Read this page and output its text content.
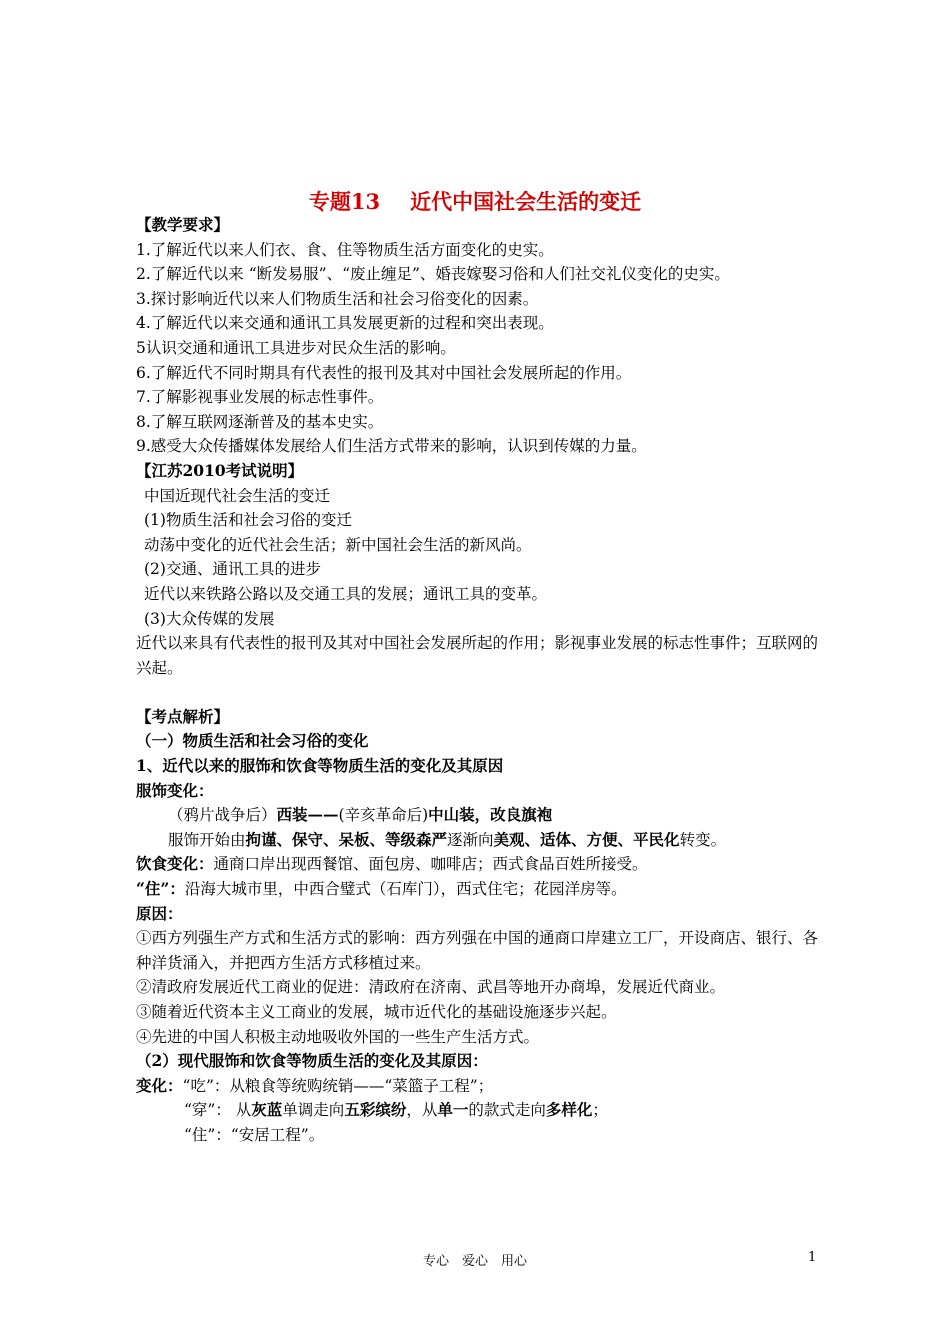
专题13 近代中国社会生活的变迁
【教学要求】
1.了解近代以来人们衣、食、住等物质生活方面变化的史实。
2.了解近代以来 “断发易服”、“废止缠足”、婚丧嫁娶习俗和人们社交礼仪变化的史实。
3.探讨影响近代以来人们物质生活和社会习俗变化的因素。
4.了解近代以来交通和通讯工具发展更新的过程和突出表现。
5认识交通和通讯工具进步对民众生活的影响。
6.了解近代不同时期具有代表性的报刊及其对中国社会发展所起的作用。
7.了解影视事业发展的标志性事件。
8.了解互联网逐渐普及的基本史实。
9.感受大众传播媒体发展给人们生活方式带来的影响，认识到传媒的力量。
【江苏2010考试说明】
中国近现代社会生活的变迁
(1)物质生活和社会习俗的变迁
动荡中变化的近代社会生活；新中国社会生活的新风尚。
(2)交通、通讯工具的进步
近代以来铁路公路以及交通工具的发展；通讯工具的变革。
(3)大众传媒的发展
近代以来具有代表性的报刊及其对中国社会发展所起的作用；影视事业发展的标志性事件；互联网的兴起。
【考点解析】
（一）物质生活和社会习俗的变化
1、近代以来的服饰和饮食等物质生活的变化及其原因
服饰变化：
（鸦片战争后）西装——(辛亥革命后)中山装，改良旗袍
服饰开始由拘谨、保守、呆板、等级森严逐渐向美观、适体、方便、平民化转变。
饮食变化：通商口岸出现西餐馆、面包房、咖啡店；西式食品百姓所接受。
“住”：沿海大城市里，中西合璧式（石库门），西式住宅；花园洋房等。
原因：
①西方列强生产方式和生活方式的影响：西方列强在中国的通商口岸建立工厂，开设商店、银行、各种洋货涌入，并把西方生活方式移植过来。
②清政府发展近代工商业的促进：清政府在济南、武昌等地开办商埠，发展近代商业。
③随着近代资本主义工商业的发展，城市近代化的基础设施逐步兴起。
④先进的中国人积极主动地吸收外国的一些生产生活方式。
（2）现代服饰和饮食等物质生活的变化及其原因：
变化：“吃”：从粮食等统购统销——“菜篮子工程”；
“穿”： 从灰蓝单调走向五彩缤纷，从单一的款式走向多样化；
“住”：“安居工程”。
专心　爱心　用心	1
